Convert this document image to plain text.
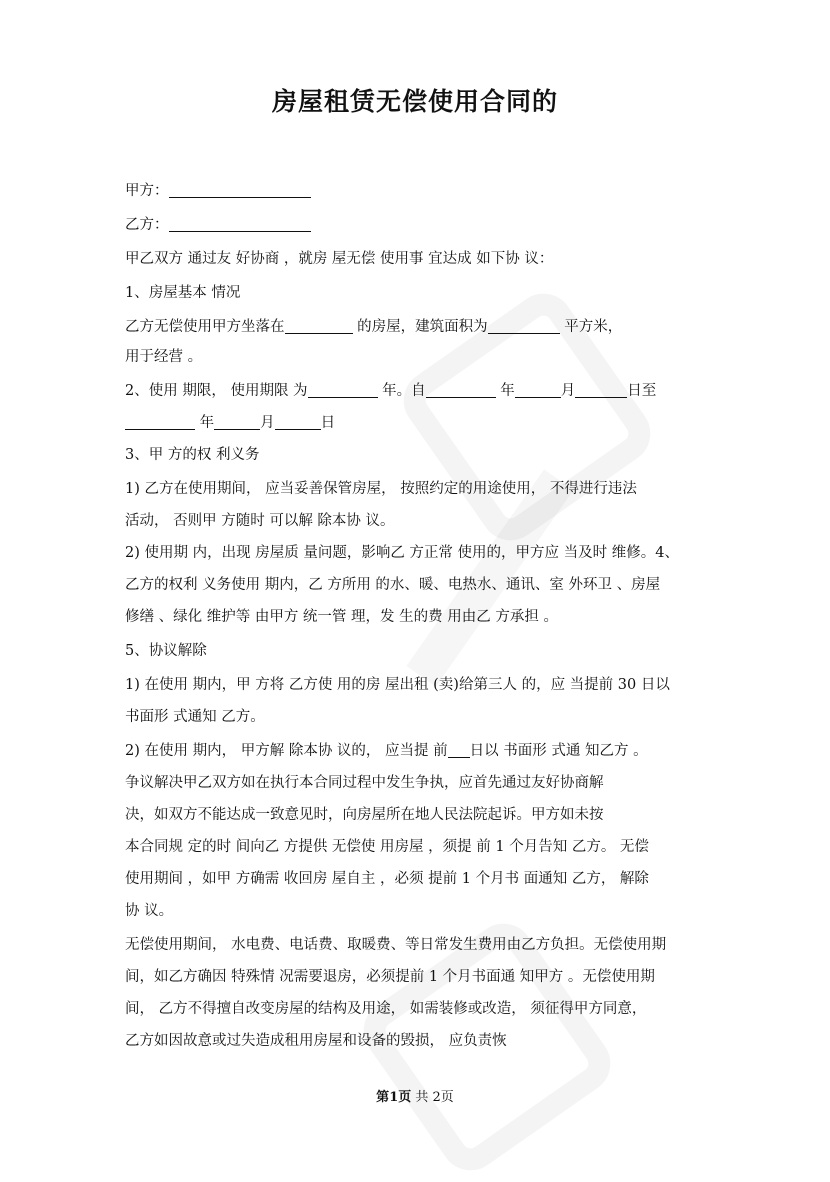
房屋租赁无偿使用合同的
甲方：
乙方：
甲乙双方 通过友 好协商 ，就房 屋无偿 使用事 宜达成 如下协 议：
1、房屋基本 情况
乙方无偿使用甲方坐落在	的房屋，建筑面积为	平方米，
用于经营 。
2、使用 期限， 使用期限 为	年。自	年	月	日至
年	月	日
3、甲 方的权 利义务
1) 乙方在使用期间， 应当妥善保管房屋， 按照约定的用途使用， 不得进行违法
活动， 否则甲 方随时 可以解 除本协 议。
2) 使用期 内，出现 房屋质 量问题，影响乙 方正常 使用的，甲方应 当及时 维修。4、
乙方的权利 义务使用 期内，乙 方所用 的水、暖、电热水、通讯、室 外环卫 、房屋
修缮 、绿化 维护等 由甲方 统一管 理，发 生的费 用由乙 方承担 。
5、协议解除
1) 在使用 期内，甲 方将 乙方使 用的房 屋出租 (卖)给第三人 的，应 当提前 30 日以
书面形 式通知 乙方。
2) 在使用 期内， 甲方解 除本协 议的， 应当提 前 日以 书面形 式通 知乙方 。
争议解决甲乙双方如在执行本合同过程中发生争执，应首先通过友好协商解
决，如双方不能达成一致意见时，向房屋所在地人民法院起诉。甲方如未按
本合同规 定的时 间向乙 方提供 无偿使 用房屋 ，须提 前 1 个月告知 乙方。 无偿
使用期间 ，如甲 方确需 收回房 屋自主 ，必须 提前 1 个月书 面通知 乙方， 解除
协 议。
无偿使用期间， 水电费、电话费、取暖费、等日常发生费用由乙方负担。无偿使用期
间，如乙方确因 特殊情 况需要退房，必须提前 1 个月书面通 知甲方 。无偿使用期
间， 乙方不得擅自改变房屋的结构及用途， 如需装修或改造， 须征得甲方同意，
乙方如因故意或过失造成租用房屋和设备的毁损， 应负责恢
第1页 共 2页
